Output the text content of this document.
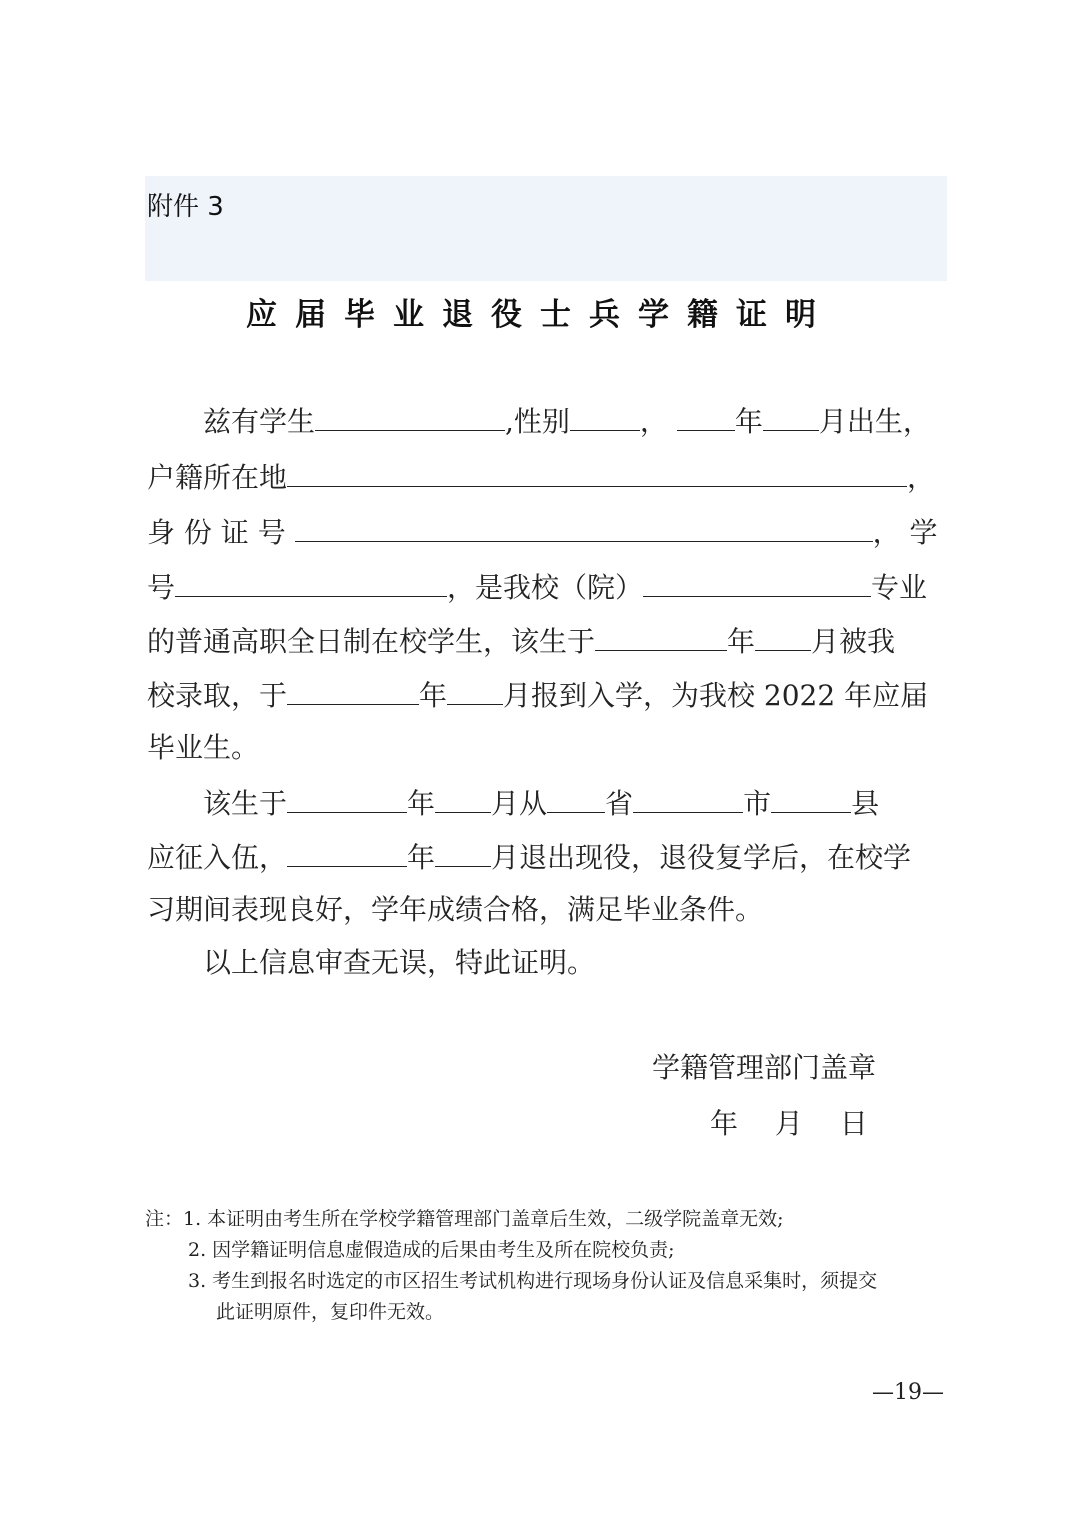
附件 3
应届毕业退役士兵学籍证明
兹有学生	,性别	， 年 月出生，
户籍所在地	，
身 份 证 号	， 学
号	，是我校（院）	专业
的普通高职全日制在校学生，该生于	年 月被我
校录取，于	年 月报到入学，为我校 2022 年应届
毕业生。
该生于	年 月从 省	市	县
应征入伍，	年 月退出现役，退役复学后，在校学
习期间表现良好，学年成绩合格，满足毕业条件。
以上信息审查无误，特此证明。
学籍管理部门盖章
年 月 日
注：1. 本证明由考生所在学校学籍管理部门盖章后生效，二级学院盖章无效;
2. 因学籍证明信息虚假造成的后果由考生及所在院校负责;
3. 考生到报名时选定的市区招生考试机构进行现场身份认证及信息采集时，须提交
此证明原件，复印件无效。
—19—
